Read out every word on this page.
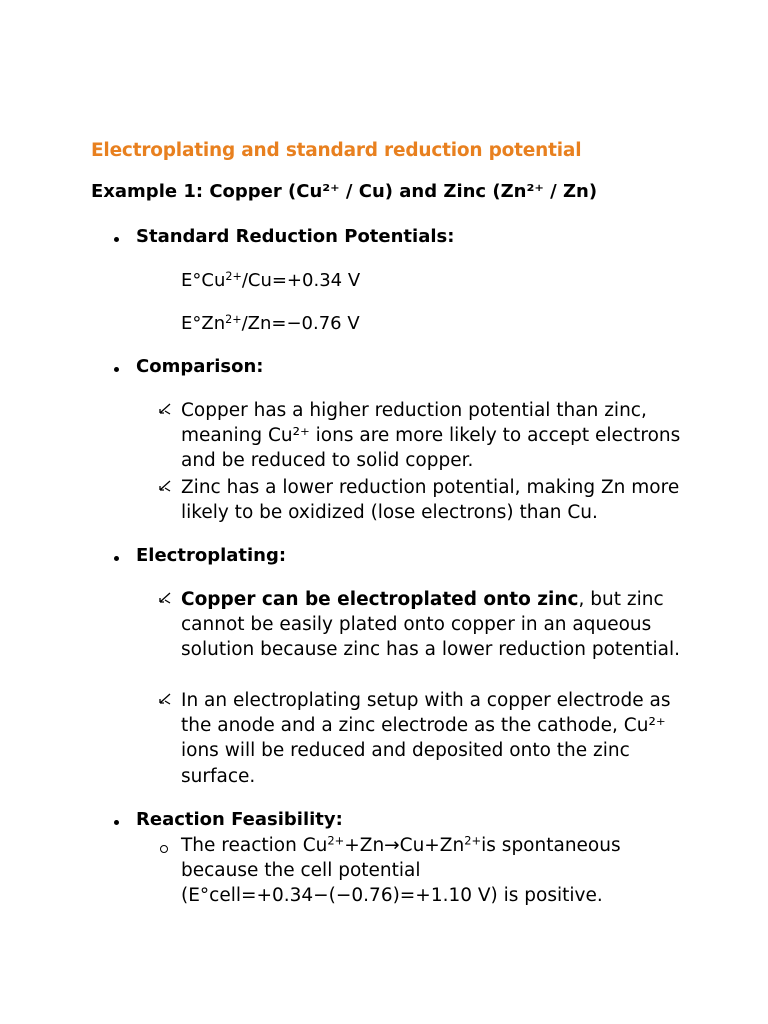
Electroplating and standard reduction potential
Example 1: Copper (Cu²⁺ / Cu) and Zinc (Zn²⁺ / Zn)
Standard Reduction Potentials:
$E^\circ Cu^{2+}/Cu=+0.34$ V
$E^\circ Zn^{2+}/Zn=-0.76$ V
Comparison:
Copper has a higher reduction potential than zinc, meaning Cu²⁺ ions are more likely to accept electrons and be reduced to solid copper.
Zinc has a lower reduction potential, making Zn more likely to be oxidized (lose electrons) than Cu.
Electroplating:
Copper can be electroplated onto zinc, but zinc cannot be easily plated onto copper in an aqueous solution because zinc has a lower reduction potential.
In an electroplating setup with a copper electrode as the anode and a zinc electrode as the cathode, Cu²⁺ ions will be reduced and deposited onto the zinc surface.
Reaction Feasibility:
The reaction $Cu^{2+}+Zn\to Cu+Zn^{2+}is$ spontaneous
because the cell potential
(E°cell=+0.34−(−0.76)=+1.10 V) is positive.
